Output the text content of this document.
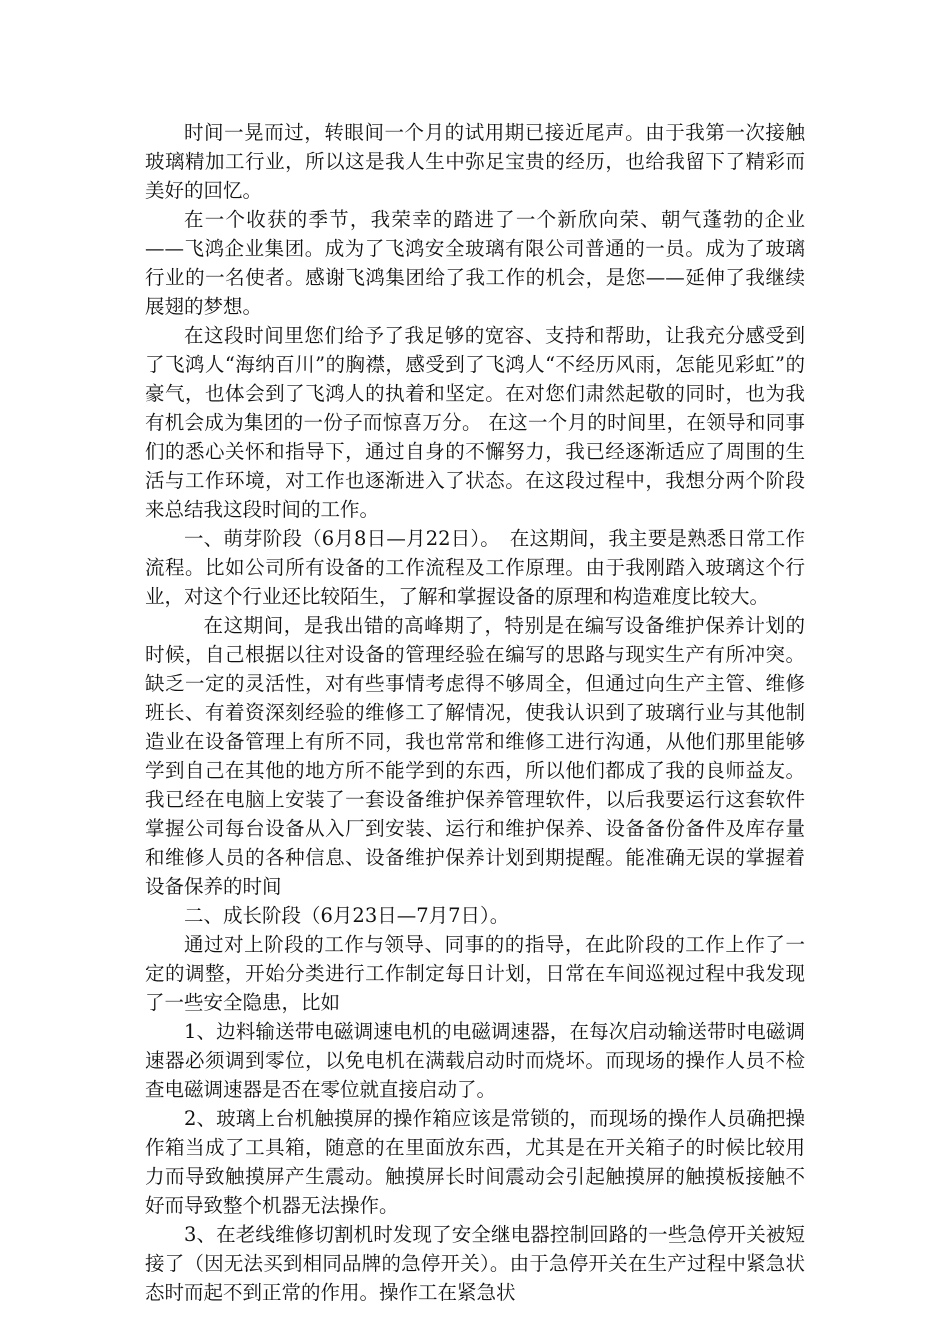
时间一晃而过，转眼间一个月的试用期已接近尾声。由于我第一次接触玻璃精加工行业，所以这是我人生中弥足宝贵的经历，也给我留下了精彩而美好的回忆。

在一个收获的季节，我荣幸的踏进了一个新欣向荣、朝气蓬勃的企业——飞鸿企业集团。成为了飞鸿安全玻璃有限公司普通的一员。成为了玻璃行业的一名使者。感谢飞鸿集团给了我工作的机会，是您——延伸了我继续展翅的梦想。

在这段时间里您们给予了我足够的宽容、支持和帮助，让我充分感受到了飞鸿人“海纳百川”的胸襟，感受到了飞鸿人“不经历风雨，怎能见彩虹”的豪气，也体会到了飞鸿人的执着和坚定。在对您们肃然起敬的同时，也为我有机会成为集团的一份子而惊喜万分。 在这一个月的时间里，在领导和同事们的悉心关怀和指导下，通过自身的不懈努力，我已经逐渐适应了周围的生活与工作环境，对工作也逐渐进入了状态。在这段过程中，我想分两个阶段来总结我这段时间的工作。

一、萌芽阶段（6月8日—月22日）。　在这期间，我主要是熟悉日常工作流程。比如公司所有设备的工作流程及工作原理。由于我刚踏入玻璃这个行业，对这个行业还比较陌生，了解和掌握设备的原理和构造难度比较大。

在这期间，是我出错的高峰期了，特别是在编写设备维护保养计划的时候，自己根据以往对设备的管理经验在编写的思路与现实生产有所冲突。缺乏一定的灵活性，对有些事情考虑得不够周全，但通过向生产主管、维修班长、有着资深刻经验的维修工了解情况，使我认识到了玻璃行业与其他制造业在设备管理上有所不同，我也常常和维修工进行沟通，从他们那里能够学到自己在其他的地方所不能学到的东西，所以他们都成了我的良师益友。我已经在电脑上安装了一套设备维护保养管理软件，以后我要运行这套软件掌握公司每台设备从入厂到安装、运行和维护保养、设备备份备件及库存量和维修人员的各种信息、设备维护保养计划到期提醒。能准确无误的掌握着设备保养的时间

二、成长阶段（6月23日—7月7日）。

通过对上阶段的工作与领导、同事的的指导，在此阶段的工作上作了一定的调整，开始分类进行工作制定每日计划，日常在车间巡视过程中我发现了一些安全隐患，比如

1、边料输送带电磁调速电机的电磁调速器，在每次启动输送带时电磁调速器必须调到零位，以免电机在满载启动时而烧坏。而现场的操作人员不检查电磁调速器是否在零位就直接启动了。

2、玻璃上台机触摸屏的操作箱应该是常锁的，而现场的操作人员确把操作箱当成了工具箱，随意的在里面放东西，尤其是在开关箱子的时候比较用力而导致触摸屏产生震动。触摸屏长时间震动会引起触摸屏的触摸板接触不好而导致整个机器无法操作。

3、在老线维修切割机时发现了安全继电器控制回路的一些急停开关被短接了（因无法买到相同品牌的急停开关）。由于急停开关在生产过程中紧急状态时而起不到正常的作用。操作工在紧急状
